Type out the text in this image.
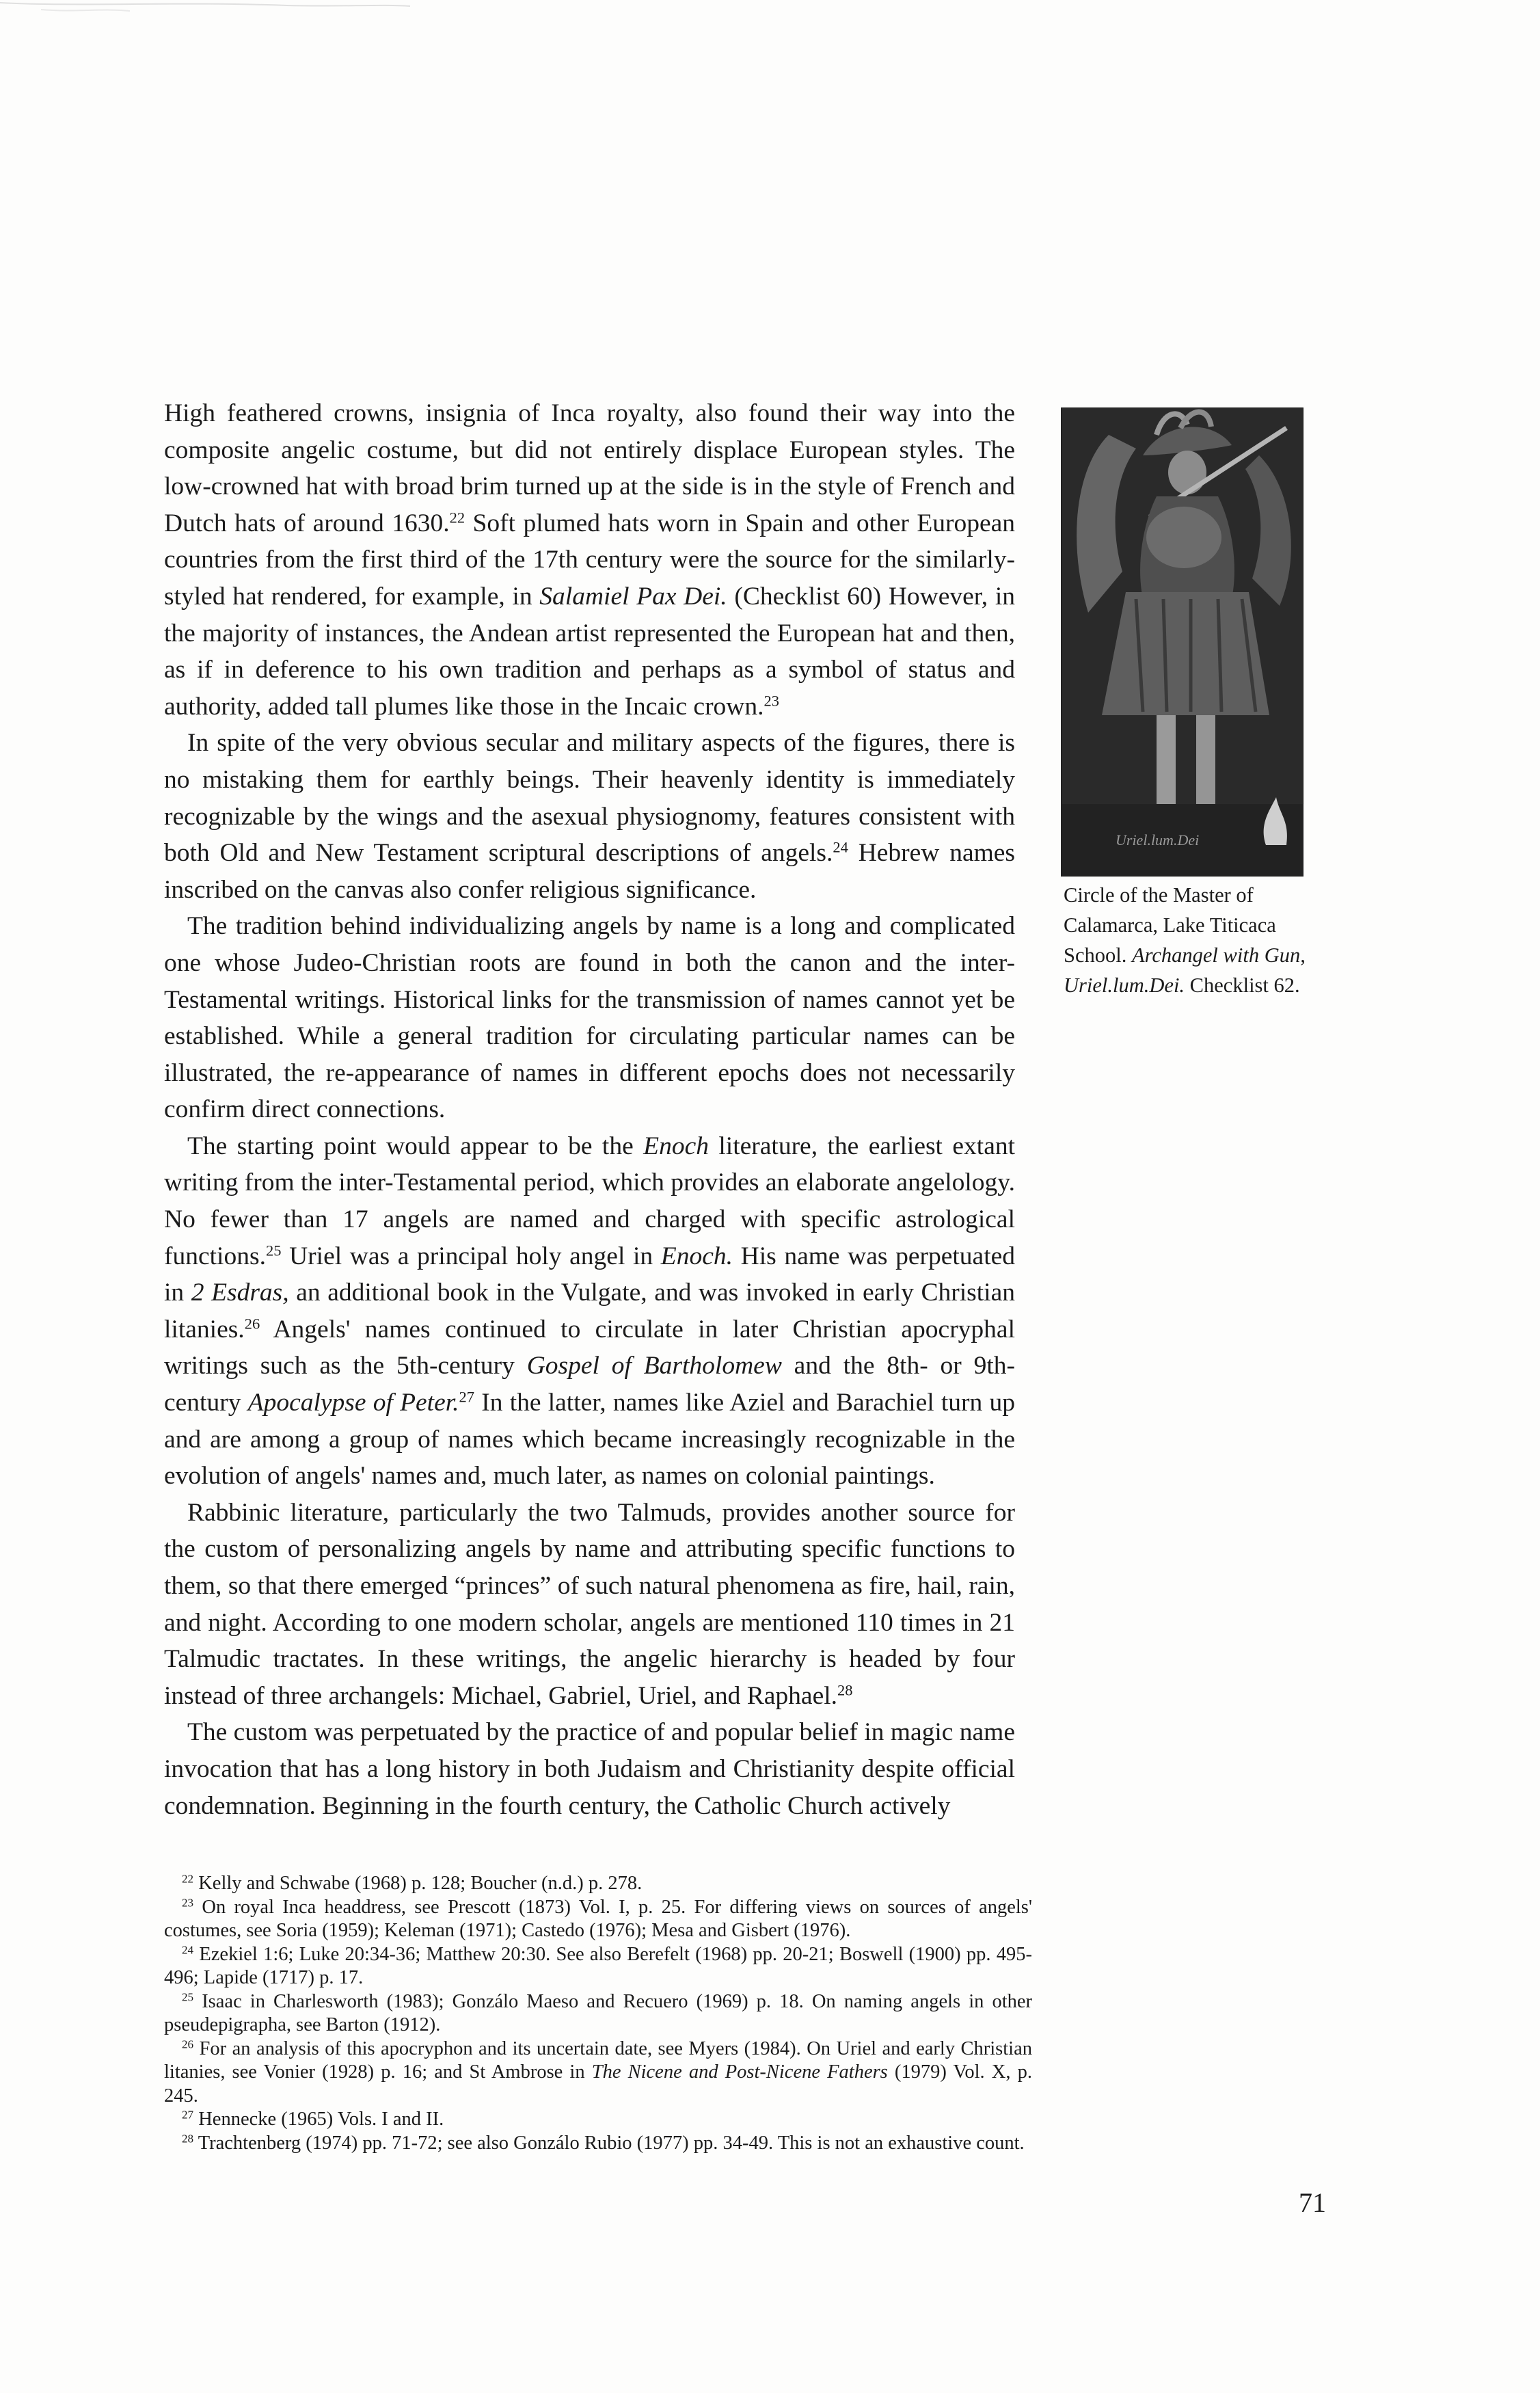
High feathered crowns, insignia of Inca royalty, also found their way into the composite angelic costume, but did not entirely displace European styles. The low-crowned hat with broad brim turned up at the side is in the style of French and Dutch hats of around 1630.22 Soft plumed hats worn in Spain and other European countries from the first third of the 17th century were the source for the similarly-styled hat rendered, for example, in Salamiel Pax Dei. (Checklist 60) However, in the majority of instances, the Andean artist represented the European hat and then, as if in deference to his own tradition and perhaps as a symbol of status and authority, added tall plumes like those in the Incaic crown.$^{23}$

In spite of the very obvious secular and military aspects of the figures, there is no mistaking them for earthly beings. Their heavenly identity is immediately recognizable by the wings and the asexual physiognomy, features consistent with both Old and New Testament scriptural descriptions of angels.$^{24}$ Hebrew names inscribed on the canvas also confer religious significance.

The tradition behind individualizing angels by name is a long and complicated one whose Judeo-Christian roots are found in both the canon and the inter-Testamental writings. Historical links for the transmission of names cannot yet be established. While a general tradition for circulating particular names can be illustrated, the re-appearance of names in different epochs does not necessarily confirm direct connections.

The starting point would appear to be the Enoch literature, the earliest extant writing from the inter-Testamental period, which provides an elaborate angelology. No fewer than 17 angels are named and charged with specific astrological functions.$^{25}$ Uriel was a principal holy angel in Enoch. His name was perpetuated in 2 Esdras, an additional book in the Vulgate, and was invoked in early Christian litanies.$^{26}$ Angels' names continued to circulate in later Christian apocryphal writings such as the 5th-century Gospel of Bartholomew and the 8th- or 9th-century Apocalypse of Peter.$^{27}$ In the latter, names like Aziel and Barachiel turn up and are among a group of names which became increasingly recognizable in the evolution of angels' names and, much later, as names on colonial paintings.

Rabbinic literature, particularly the two Talmuds, provides another source for the custom of personalizing angels by name and attributing specific functions to them, so that there emerged “princes” of such natural phenomena as fire, hail, rain, and night. According to one modern scholar, angels are mentioned 110 times in 21 Talmudic tractates. In these writings, the angelic hierarchy is headed by four instead of three archangels: Michael, Gabriel, Uriel, and Raphael.$^{28}$

The custom was perpetuated by the practice of and popular belief in magic name invocation that has a long history in both Judaism and Christianity despite official condemnation. Beginning in the fourth century, the Catholic Church actively

Uriel.lum.Dei
Circle of the Master of Calamarca, Lake Titicaca School. Archangel with Gun, Uriel.lum.Dei. Checklist 62.

$^{22}$ Kelly and Schwabe (1968) p. 128; Boucher (n.d.) p. 278.

$^{23}$ On royal Inca headdress, see Prescott (1873) Vol. I, p. 25. For differing views on sources of angels' costumes, see Soria (1959); Keleman (1971); Castedo (1976); Mesa and Gisbert (1976).

$^{24}$ Ezekiel 1:6; Luke 20:34-36; Matthew 20:30. See also Berefelt (1968) pp. 20-21; Boswell (1900) pp. 495-496; Lapide (1717) p. 17.

$^{25}$ Isaac in Charlesworth (1983); Gonzálo Maeso and Recuero (1969) p. 18. On naming angels in other pseudepigrapha, see Barton (1912).

$^{26}$ For an analysis of this apocryphon and its uncertain date, see Myers (1984). On Uriel and early Christian litanies, see Vonier (1928) p. 16; and St Ambrose in The Nicene and Post-Nicene Fathers (1979) Vol. X, p. 245.

$^{27}$ Hennecke (1965) Vols. I and II.

$^{28}$ Trachtenberg (1974) pp. 71-72; see also Gonzálo Rubio (1977) pp. 34-49. This is not an exhaustive count.

71
